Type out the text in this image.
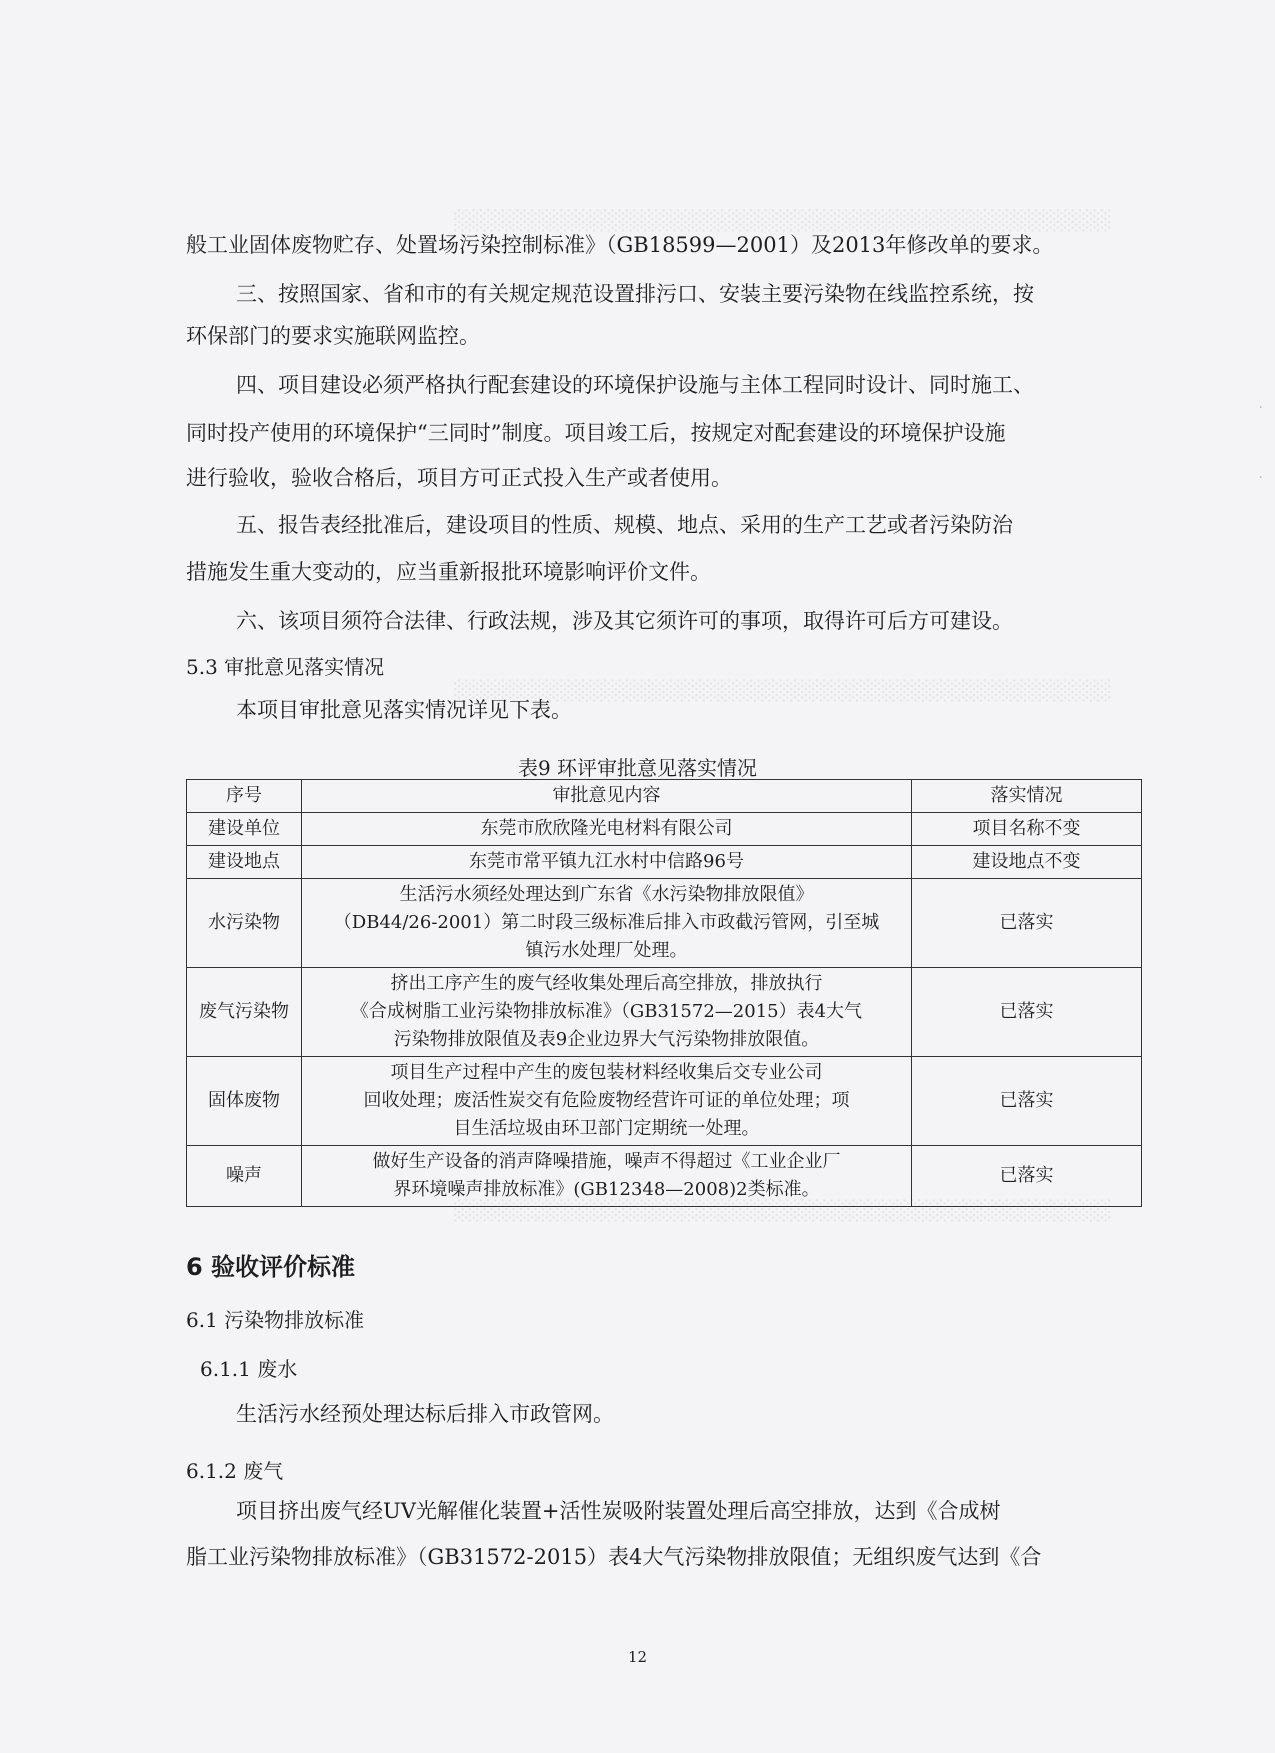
░░░░░░░░░░░░░░░░░░░░░░░░░░░░░░░░░░░░░░░░░░░░░
░░░░░░░░░░░░░░░░░░░░░░░░░░░░░░░░░░░░░░░░░░░░░
░░░░░░░░░░░░░░░░░░░░░░░░░░░░░░░░░░░░░░░░░░░░░
·
·
般工业固体废物贮存、处置场污染控制标准》（GB18599—2001）及2013年修改单的要求。
三、按照国家、省和市的有关规定规范设置排污口、安装主要污染物在线监控系统，按
环保部门的要求实施联网监控。
四、项目建设必须严格执行配套建设的环境保护设施与主体工程同时设计、同时施工、
同时投产使用的环境保护“三同时”制度。项目竣工后，按规定对配套建设的环境保护设施
进行验收，验收合格后，项目方可正式投入生产或者使用。
五、报告表经批准后，建设项目的性质、规模、地点、采用的生产工艺或者污染防治
措施发生重大变动的，应当重新报批环境影响评价文件。
六、该项目须符合法律、行政法规，涉及其它须许可的事项，取得许可后方可建设。
5.3 审批意见落实情况
本项目审批意见落实情况详见下表。
表9 环评审批意见落实情况
序号	审批意见内容	落实情况
建设单位	东莞市欣欣隆光电材料有限公司	项目名称不变
建设地点	东莞市常平镇九江水村中信路96号	建设地点不变
水污染物	生活污水须经处理达到广东省《水污染物排放限值》
（DB44/26-2001）第二时段三级标准后排入市政截污管网，引至城
镇污水处理厂处理。	已落实
废气污染物	挤出工序产生的废气经收集处理后高空排放，排放执行
《合成树脂工业污染物排放标准》（GB31572—2015）表4大气
污染物排放限值及表9企业边界大气污染物排放限值。	已落实
固体废物	项目生产过程中产生的废包装材料经收集后交专业公司
回收处理；废活性炭交有危险废物经营许可证的单位处理；项
目生活垃圾由环卫部门定期统一处理。	已落实
噪声	做好生产设备的消声降噪措施，噪声不得超过《工业企业厂
界环境噪声排放标准》(GB12348—2008)2类标准。	已落实
6 验收评价标准
6.1 污染物排放标准
6.1.1 废水
生活污水经预处理达标后排入市政管网。
6.1.2 废气
项目挤出废气经UV光解催化装置+活性炭吸附装置处理后高空排放，达到《合成树
脂工业污染物排放标准》（GB31572-2015）表4大气污染物排放限值；无组织废气达到《合
12
